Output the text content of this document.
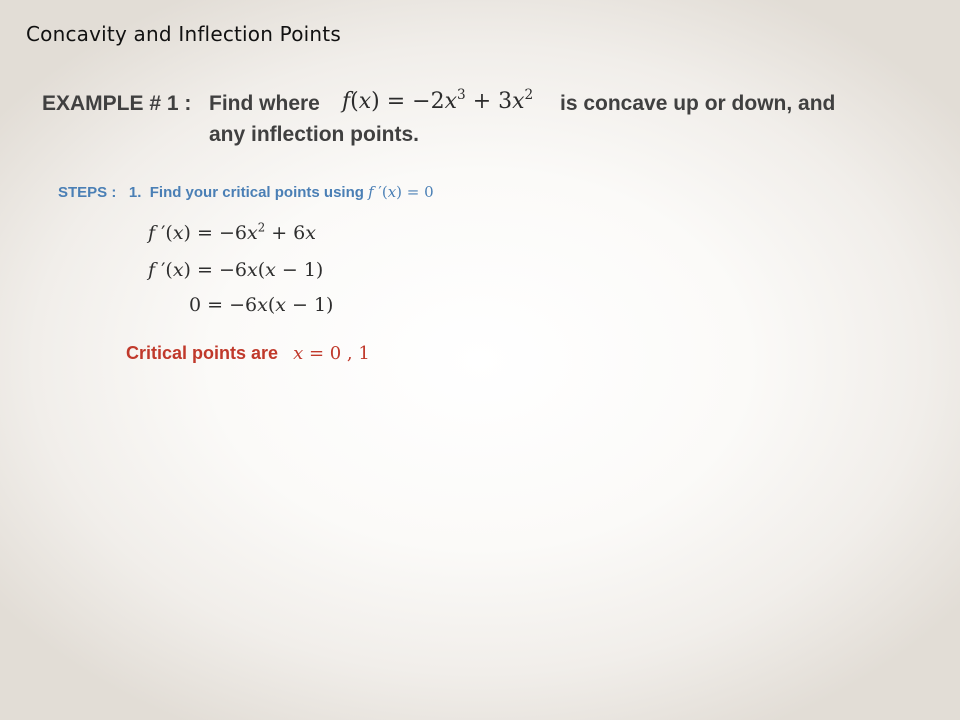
Concavity and Inflection Points
EXAMPLE # 1 : Find where $f(x) = -2x^3 + 3x^2$ is concave up or down, and
any inflection points.
STEPS : 1. Find your critical points using f ′(x) = 0
f $'(x) = -6x^2 + 6x$
f ′(x) = −6x(x − 1)
0 = −6x(x − 1)
Critical points are x = 0 , 1
